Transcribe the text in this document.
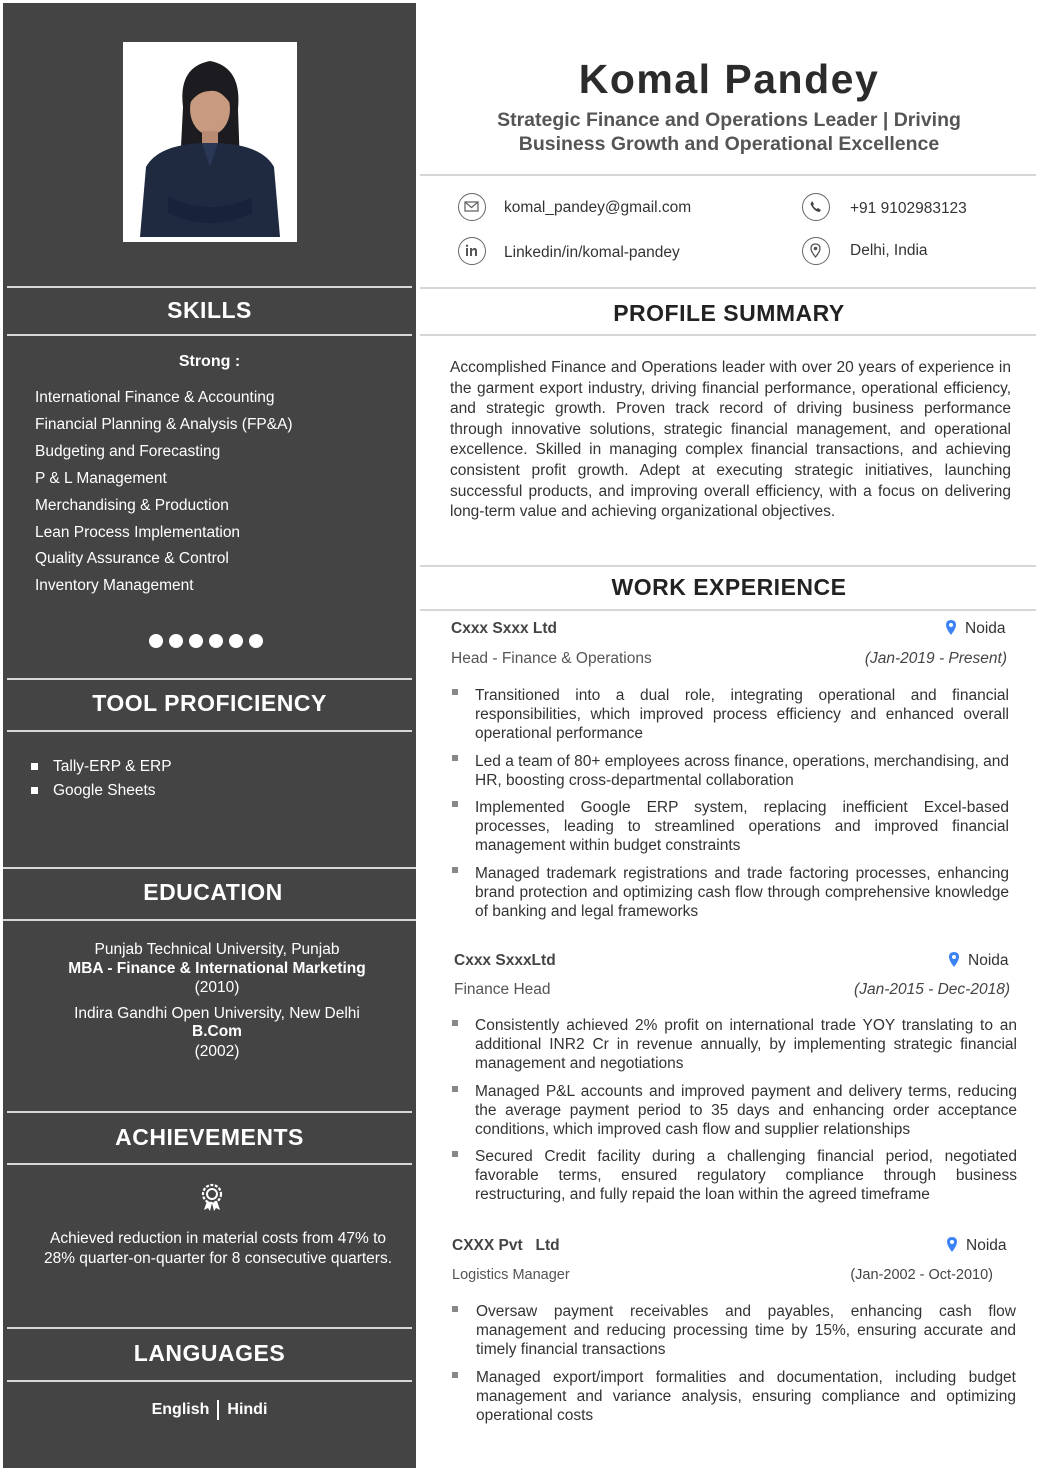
SKILLS
Strong :
International Finance & Accounting
Financial Planning & Analysis (FP&A)
Budgeting and Forecasting
P & L Management
Merchandising & Production
Lean Process Implementation
Quality Assurance & Control
Inventory Management
TOOL PROFICIENCY
Tally-ERP & ERP
Google Sheets
EDUCATION
Punjab Technical University, Punjab
MBA - Finance & International Marketing
(2010)
Indira Gandhi Open University, New Delhi
B.Com
(2002)
ACHIEVEMENTS
Achieved reduction in material costs from 47% to 28% quarter-on-quarter for 8 consecutive quarters.
LANGUAGES
English Hindi
Komal Pandey
Strategic Finance and Operations Leader | Driving
Business Growth and Operational Excellence
komal_pandey@gmail.com	+91 9102983123
Linkedin/in/komal-pandey	Delhi, India
PROFILE SUMMARY
Accomplished Finance and Operations leader with over 20 years of experience in the garment export industry, driving financial performance, operational efficiency, and strategic growth. Proven track record of driving business performance through innovative solutions, strategic financial management, and operational excellence. Skilled in managing complex financial transactions, and achieving consistent profit growth. Adept at executing strategic initiatives, launching successful products, and improving overall efficiency, with a focus on delivering long-term value and achieving organizational objectives.
WORK EXPERIENCE
Cxxx Sxxx Ltd	Noida
Head - Finance & Operations	(Jan-2019 - Present)
Transitioned into a dual role, integrating operational and financial responsibilities, which improved process efficiency and enhanced overall operational performance
Led a team of 80+ employees across finance, operations, merchandising, and HR, boosting cross-departmental collaboration
Implemented Google ERP system, replacing inefficient Excel-based processes, leading to streamlined operations and improved financial management within budget constraints
Managed trademark registrations and trade factoring processes, enhancing brand protection and optimizing cash flow through comprehensive knowledge of banking and legal frameworks
Cxxx SxxxLtd	Noida
Finance Head	(Jan-2015 - Dec-2018)
Consistently achieved 2% profit on international trade YOY translating to an additional INR2 Cr in revenue annually, by implementing strategic financial management and negotiations
Managed P&L accounts and improved payment and delivery terms, reducing the average payment period to 35 days and enhancing order acceptance conditions, which improved cash flow and supplier relationships
Secured Credit facility during a challenging financial period, negotiated favorable terms, ensured regulatory compliance through business restructuring, and fully repaid the loan within the agreed timeframe
CXXX Pvt   Ltd	Noida
Logistics Manager	(Jan-2002 - Oct-2010)
Oversaw payment receivables and payables, enhancing cash flow management and reducing processing time by 15%, ensuring accurate and timely financial transactions
Managed export/import formalities and documentation, including budget management and variance analysis, ensuring compliance and optimizing operational costs
